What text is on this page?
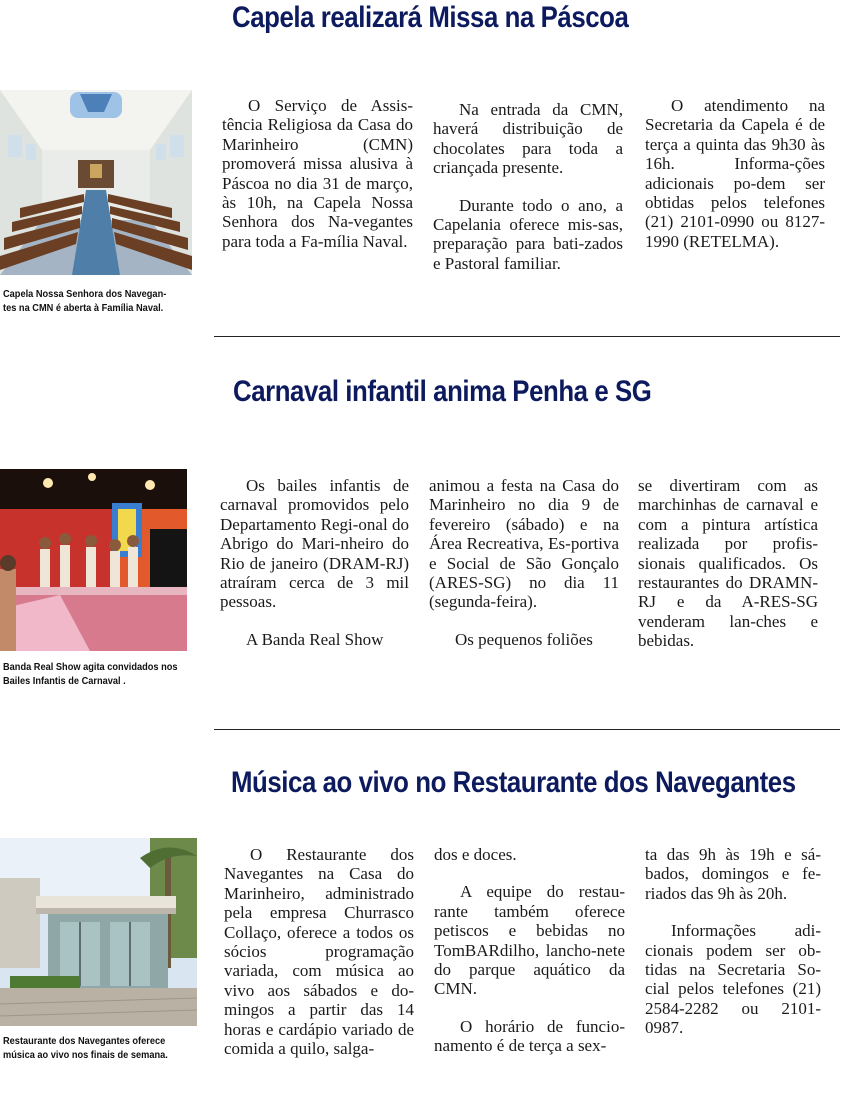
Capela realizará Missa na Páscoa
Capela Nossa Senhora dos Navegan-tes na CMN é aberta à Família Naval.

O Serviço de Assis-tência Religiosa da Casa do Marinheiro (CMN) promoverá missa alusiva à Páscoa no dia 31 de março, às 10h, na Capela Nossa Senhora dos Na-vegantes para toda a Fa-mília Naval.

Na entrada da CMN, haverá distribuição de chocolates para toda a criançada presente.

Durante todo o ano, a Capelania oferece mis-sas, preparação para bati-zados e Pastoral familiar.

O atendimento na Secretaria da Capela é de terça a quinta das 9h30 às 16h. Informa-ções adicionais po-dem ser obtidas pelos telefones (21) 2101-0990 ou 8127-1990 (RETELMA).

Carnaval infantil anima Penha e SG
Banda Real Show agita convidados nos Bailes Infantis de Carnaval .

Os bailes infantis de carnaval promovidos pelo Departamento Regi-onal do Abrigo do Mari-nheiro do Rio de janeiro (DRAM-RJ) atraíram cerca de 3 mil pessoas.

A Banda Real Show

animou a festa na Casa do Marinheiro no dia 9 de fevereiro (sábado) e na Área Recreativa, Es-portiva e Social de São Gonçalo (ARES-SG) no dia 11 (segunda-feira).

Os pequenos foliões

se divertiram com as marchinhas de carnaval e com a pintura artística realizada por profis-sionais qualificados. Os restaurantes do DRAMN-RJ e da A-RES-SG venderam lan-ches e bebidas.

Música ao vivo no Restaurante dos Navegantes
Restaurante dos Navegantes oferece música ao vivo nos finais de semana.

O Restaurante dos Navegantes na Casa do Marinheiro, administrado pela empresa Churrasco Collaço, oferece a todos os sócios programação variada, com música ao vivo aos sábados e do-mingos a partir das 14 horas e cardápio variado de comida a quilo, salga-

dos e doces.

A equipe do restau-rante também oferece petiscos e bebidas no TomBARdilho, lancho-nete do parque aquático da CMN.

O horário de funcio-namento é de terça a sex-

ta das 9h às 19h e sá-bados, domingos e fe-riados das 9h às 20h.

Informações adi-cionais podem ser ob-tidas na Secretaria So-cial pelos telefones (21) 2584-2282 ou 2101-0987.
